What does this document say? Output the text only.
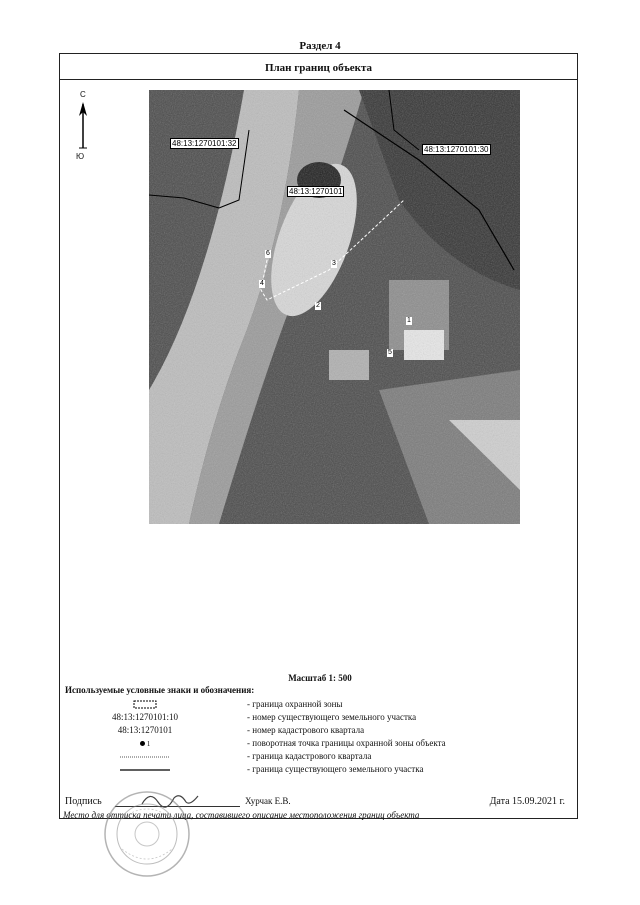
Раздел 4
План границ объекта
С
Ю
48:13:1270101:32
48:13:1270101:30
48:13:1270101
6
3
2
1
5
4
Масштаб 1: 500
Используемые условные знаки и обозначения:
- граница охранной зоны
48:13:1270101:10	- номер существующего земельного участка
48:13:1270101	- номер кадастрового квартала
1	- поворотная точка границы охранной зоны объекта
- граница кадастрового квартала
- граница существующего земельного участка
Подпись	Хурчак Е.В.	Дата 15.09.2021 г.
Место для оттиска печати лица, составившего описание местоположения границ объекта
